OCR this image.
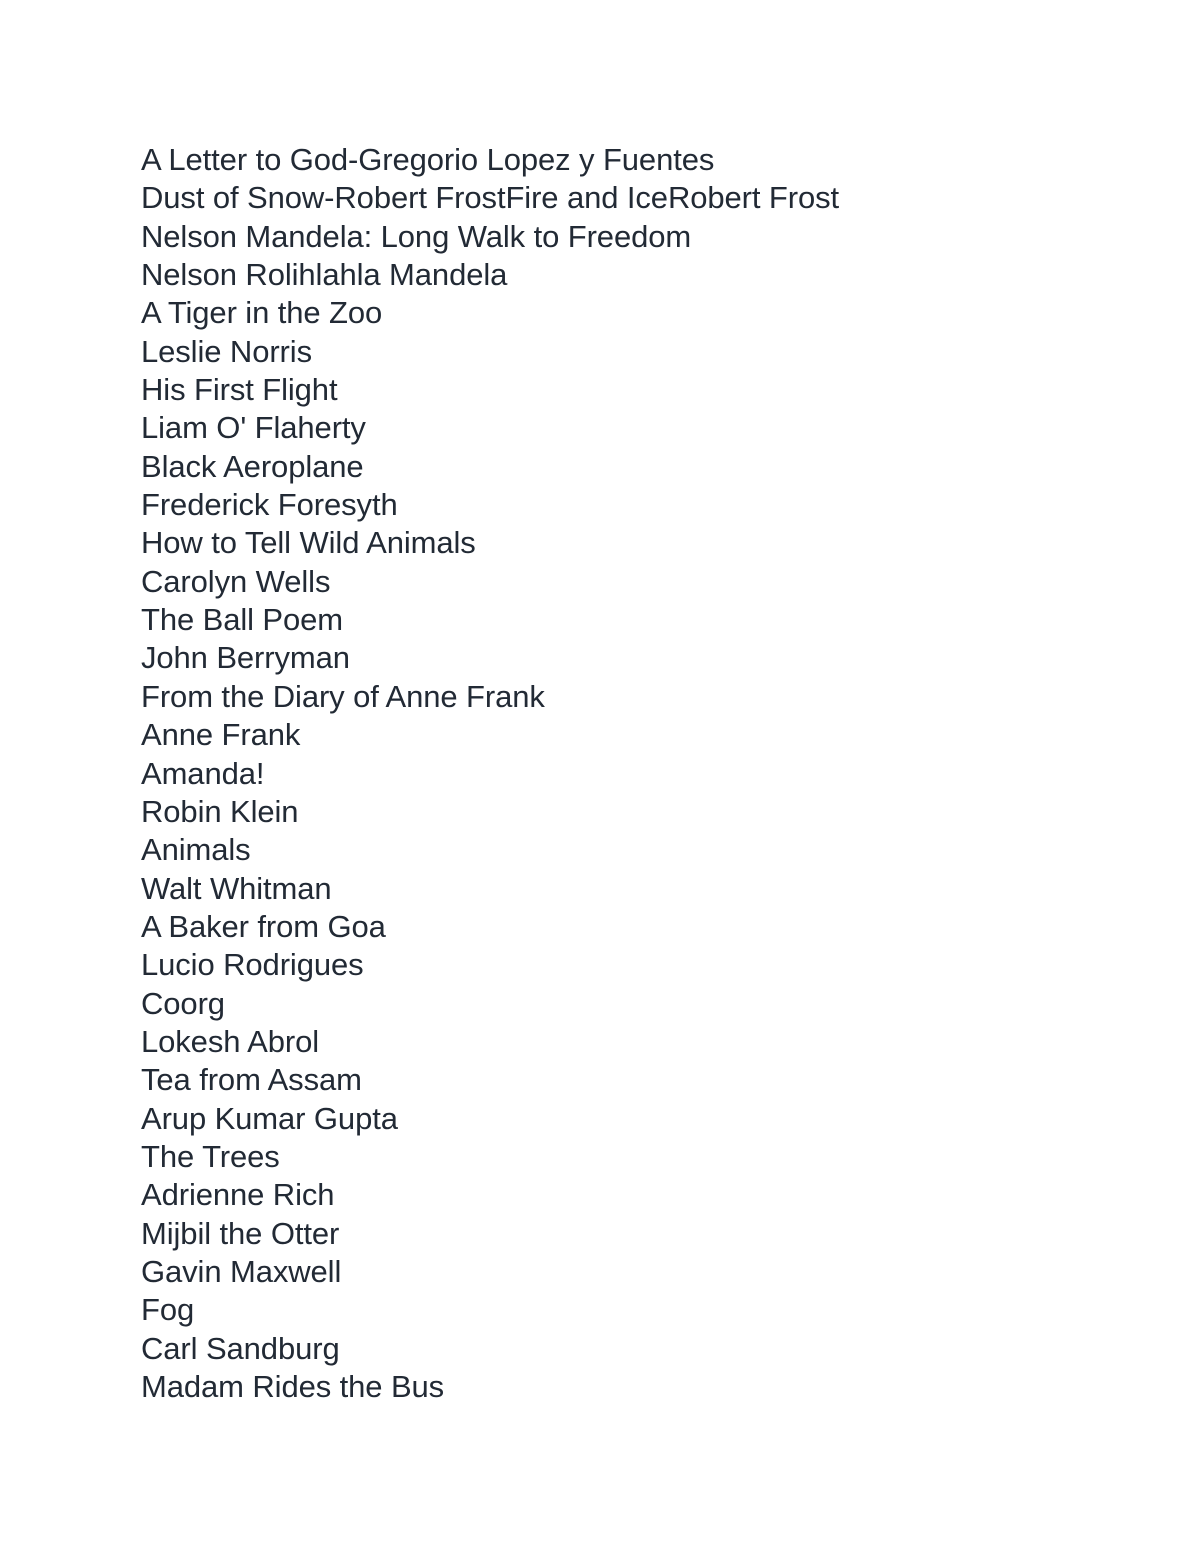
A Letter to God-Gregorio Lopez y Fuentes
Dust of Snow-Robert FrostFire and IceRobert Frost
Nelson Mandela: Long Walk to Freedom
Nelson Rolihlahla Mandela
A Tiger in the Zoo
Leslie Norris
His First Flight
Liam O' Flaherty
Black Aeroplane
Frederick Foresyth
How to Tell Wild Animals
Carolyn Wells
The Ball Poem
John Berryman
From the Diary of Anne Frank
Anne Frank
Amanda!
Robin Klein
Animals
Walt Whitman
A Baker from Goa
Lucio Rodrigues
Coorg
Lokesh Abrol
Tea from Assam
Arup Kumar Gupta
The Trees
Adrienne Rich
Mijbil the Otter
Gavin Maxwell
Fog
Carl Sandburg
Madam Rides the Bus
